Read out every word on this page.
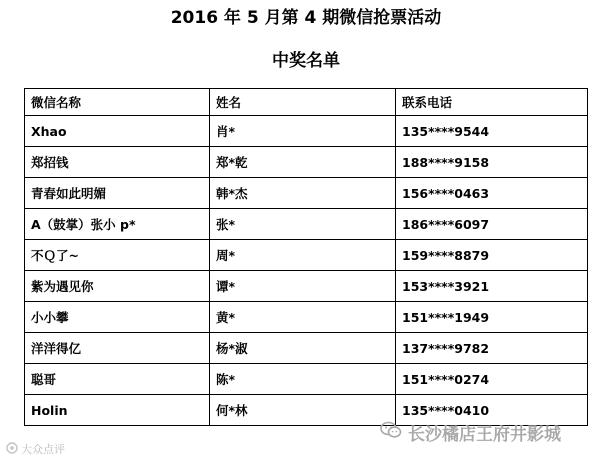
2016 年 5 月第 4 期微信抢票活动
中奖名单
微信名称	姓名	联系电话
Xhao	肖*	135****9544
郑招钱	郑*乾	188****9158
青春如此明媚	韩*杰	156****0463
A（鼓掌）张小 p*	张*	186****6097
不Ｑ了~	周*	159****8879
紫为遇见你	谭*	153****3921
小小攀	黄*	151****1949
洋洋得亿	杨*淑	137****9782
聪哥	陈*	151****0274
Holin	何*林	135****0410
大众点评
长沙橘店王府井影城
